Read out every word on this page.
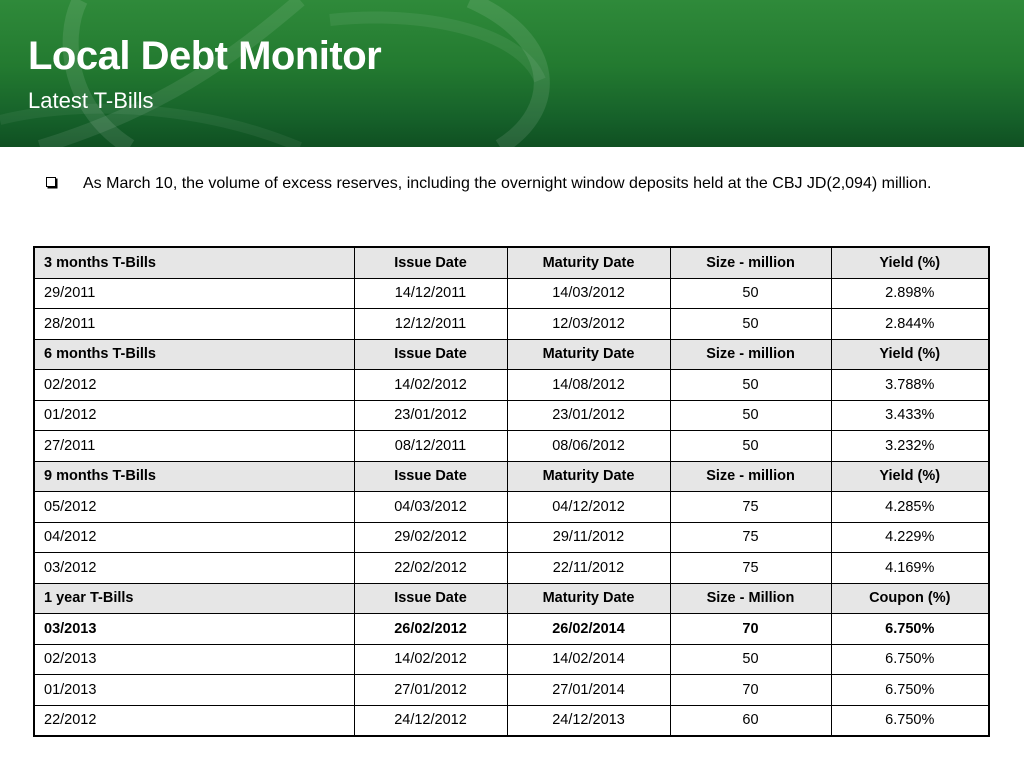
Local Debt Monitor
Latest T-Bills
As March 10, the volume of excess reserves, including the overnight window deposits held at the CBJ JD(2,094) million.
3 months T-Bills	Issue Date	Maturity Date	Size - million	Yield (%)
29/2011	14/12/2011	14/03/2012	50	2.898%
28/2011	12/12/2011	12/03/2012	50	2.844%
6 months T-Bills	Issue Date	Maturity Date	Size - million	Yield (%)
02/2012	14/02/2012	14/08/2012	50	3.788%
01/2012	23/01/2012	23/01/2012	50	3.433%
27/2011	08/12/2011	08/06/2012	50	3.232%
9 months T-Bills	Issue Date	Maturity Date	Size - million	Yield (%)
05/2012	04/03/2012	04/12/2012	75	4.285%
04/2012	29/02/2012	29/11/2012	75	4.229%
03/2012	22/02/2012	22/11/2012	75	4.169%
1 year T-Bills	Issue Date	Maturity Date	Size - Million	Coupon (%)
03/2013	26/02/2012	26/02/2014	70	6.750%
02/2013	14/02/2012	14/02/2014	50	6.750%
01/2013	27/01/2012	27/01/2014	70	6.750%
22/2012	24/12/2012	24/12/2013	60	6.750%
